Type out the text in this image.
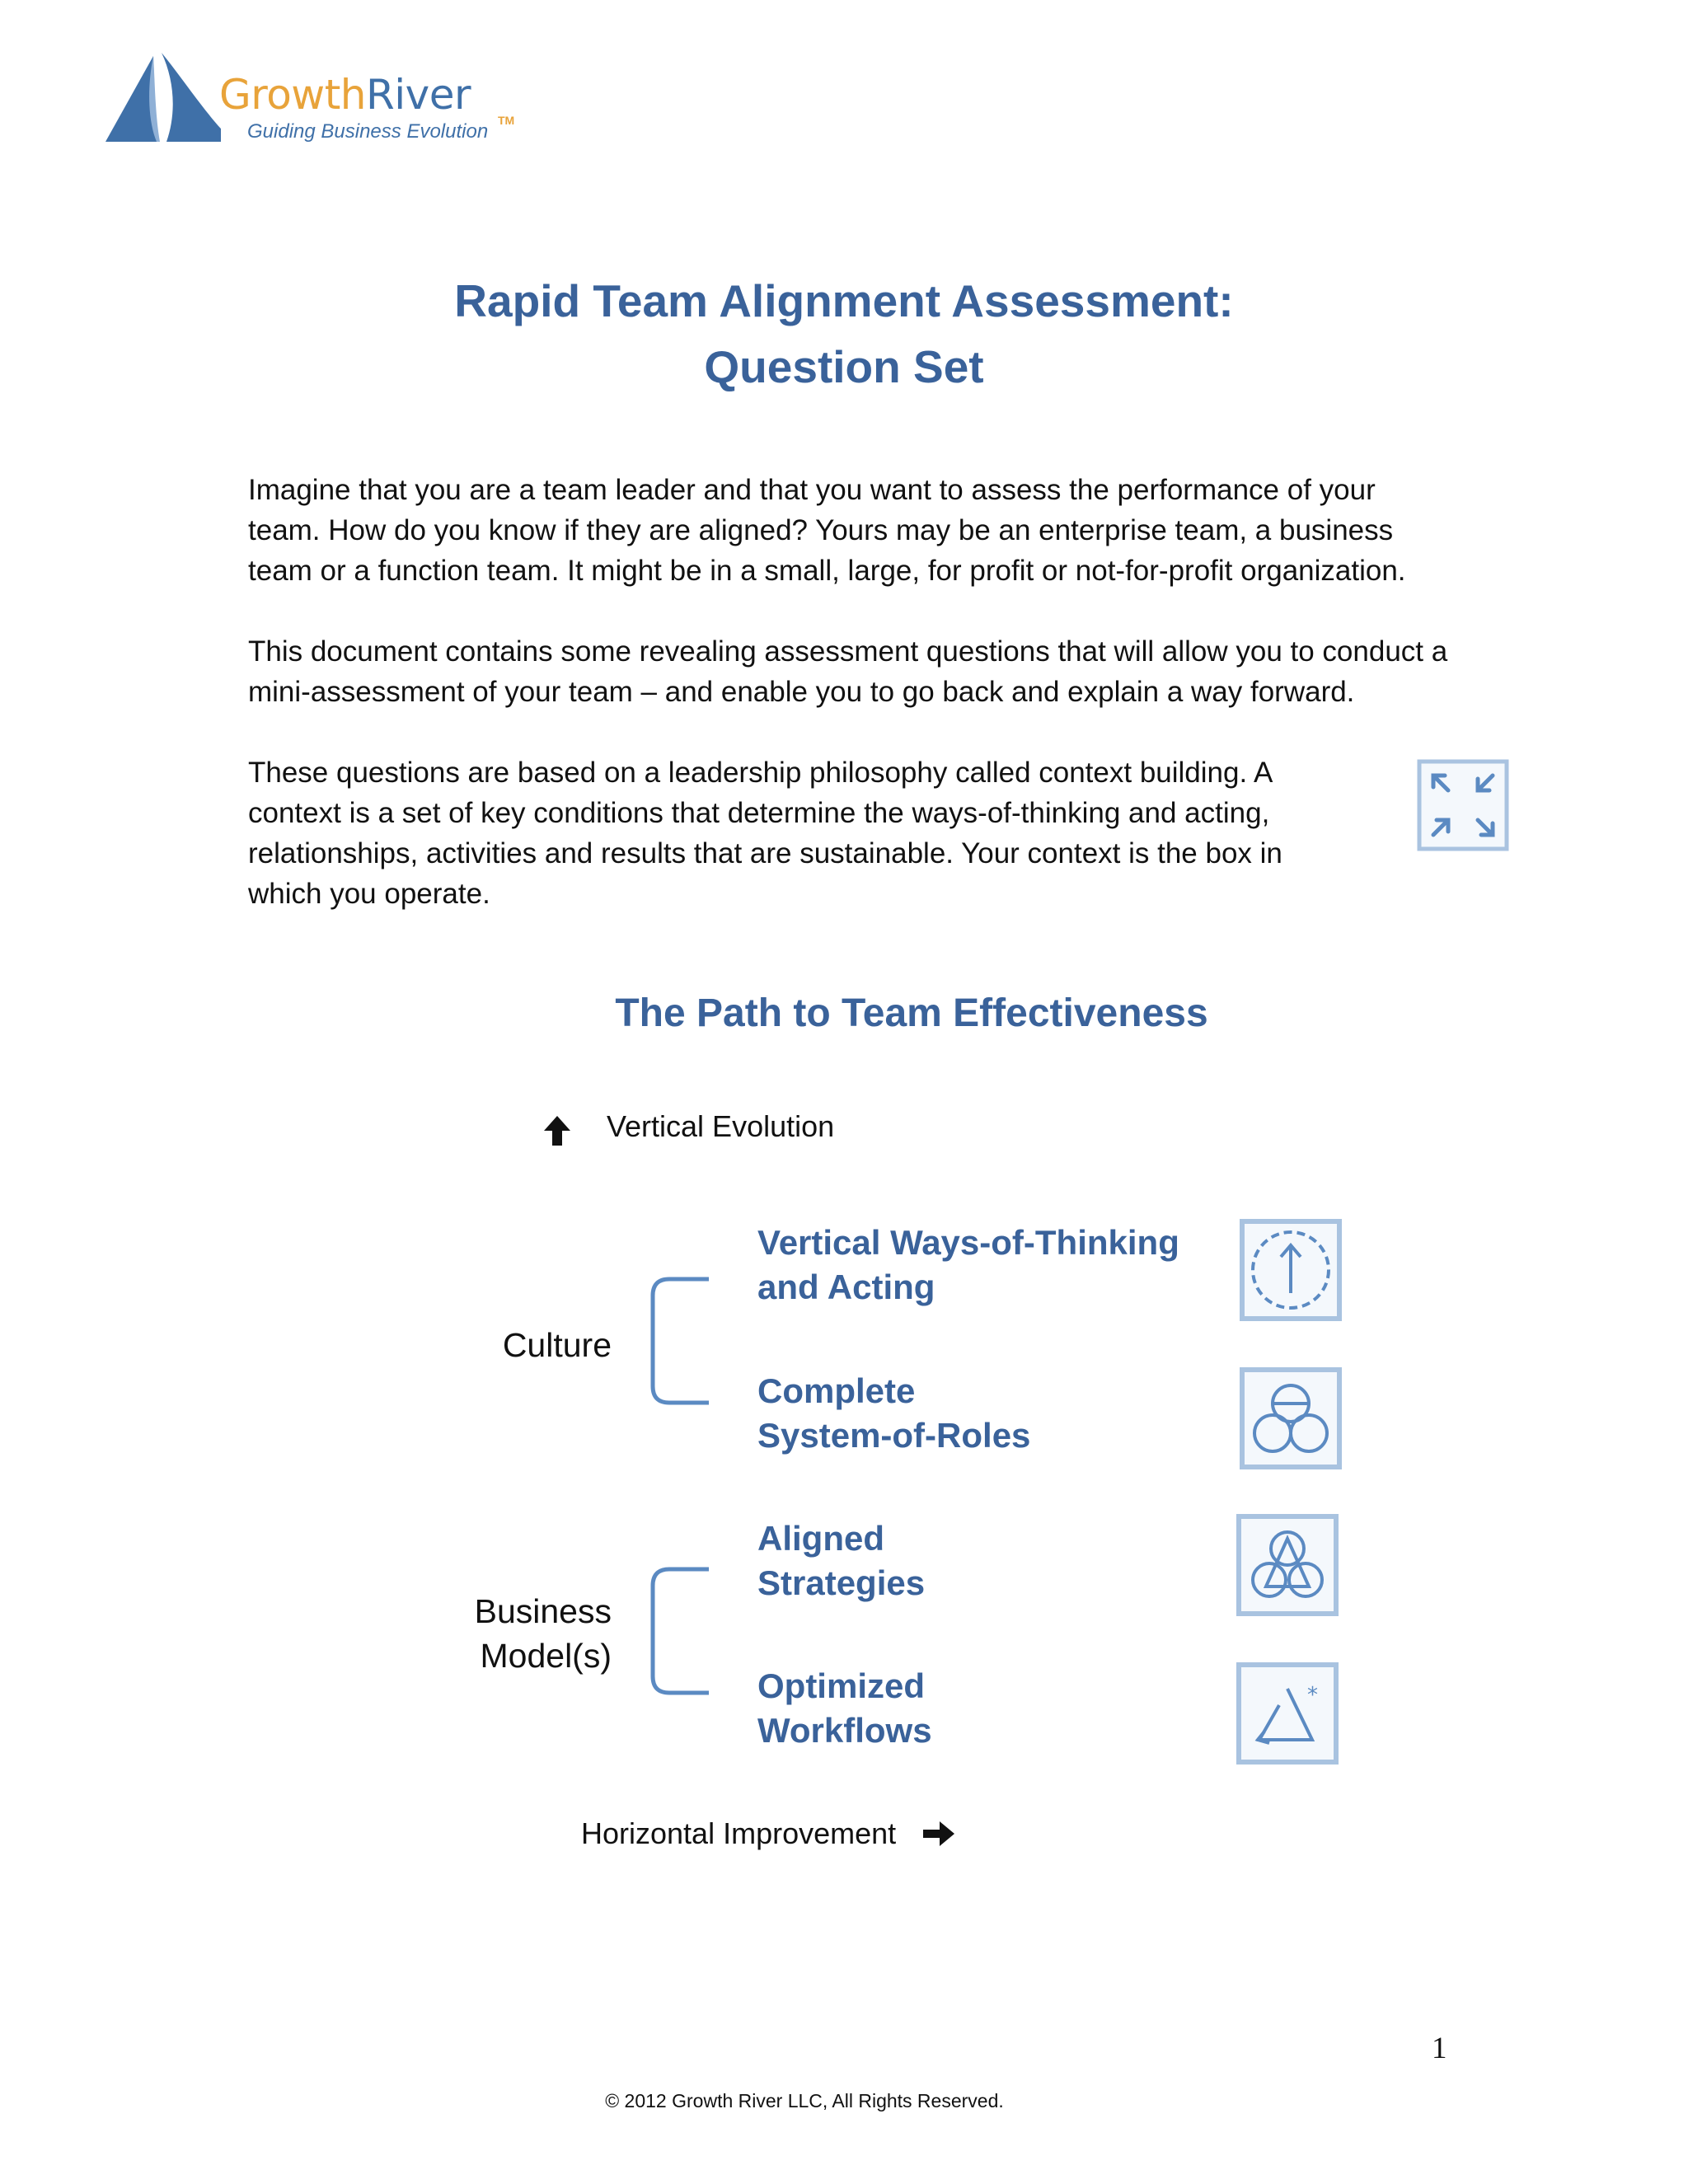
GrowthRiver
Guiding Business Evolution TM
Rapid Team Alignment Assessment:
Question Set
Imagine that you are a team leader and that you want to assess the performance of your
team. How do you know if they are aligned? Yours may be an enterprise team, a business
team or a function team. It might be in a small, large, for profit or not-for-profit organization.
This document contains some revealing assessment questions that will allow you to conduct a
mini-assessment of your team – and enable you to go back and explain a way forward.
These questions are based on a leadership philosophy called context building. A
context is a set of key conditions that determine the ways-of-thinking and acting,
relationships, activities and results that are sustainable. Your context is the box in
which you operate.
The Path to Team Effectiveness
Vertical Evolution
Culture
Business
Model(s)
Vertical Ways-of-Thinking
and Acting
Complete
System-of-Roles
Aligned
Strategies
Optimized
Workflows
*
Horizontal Improvement
1
© 2012 Growth River LLC, All Rights Reserved.
